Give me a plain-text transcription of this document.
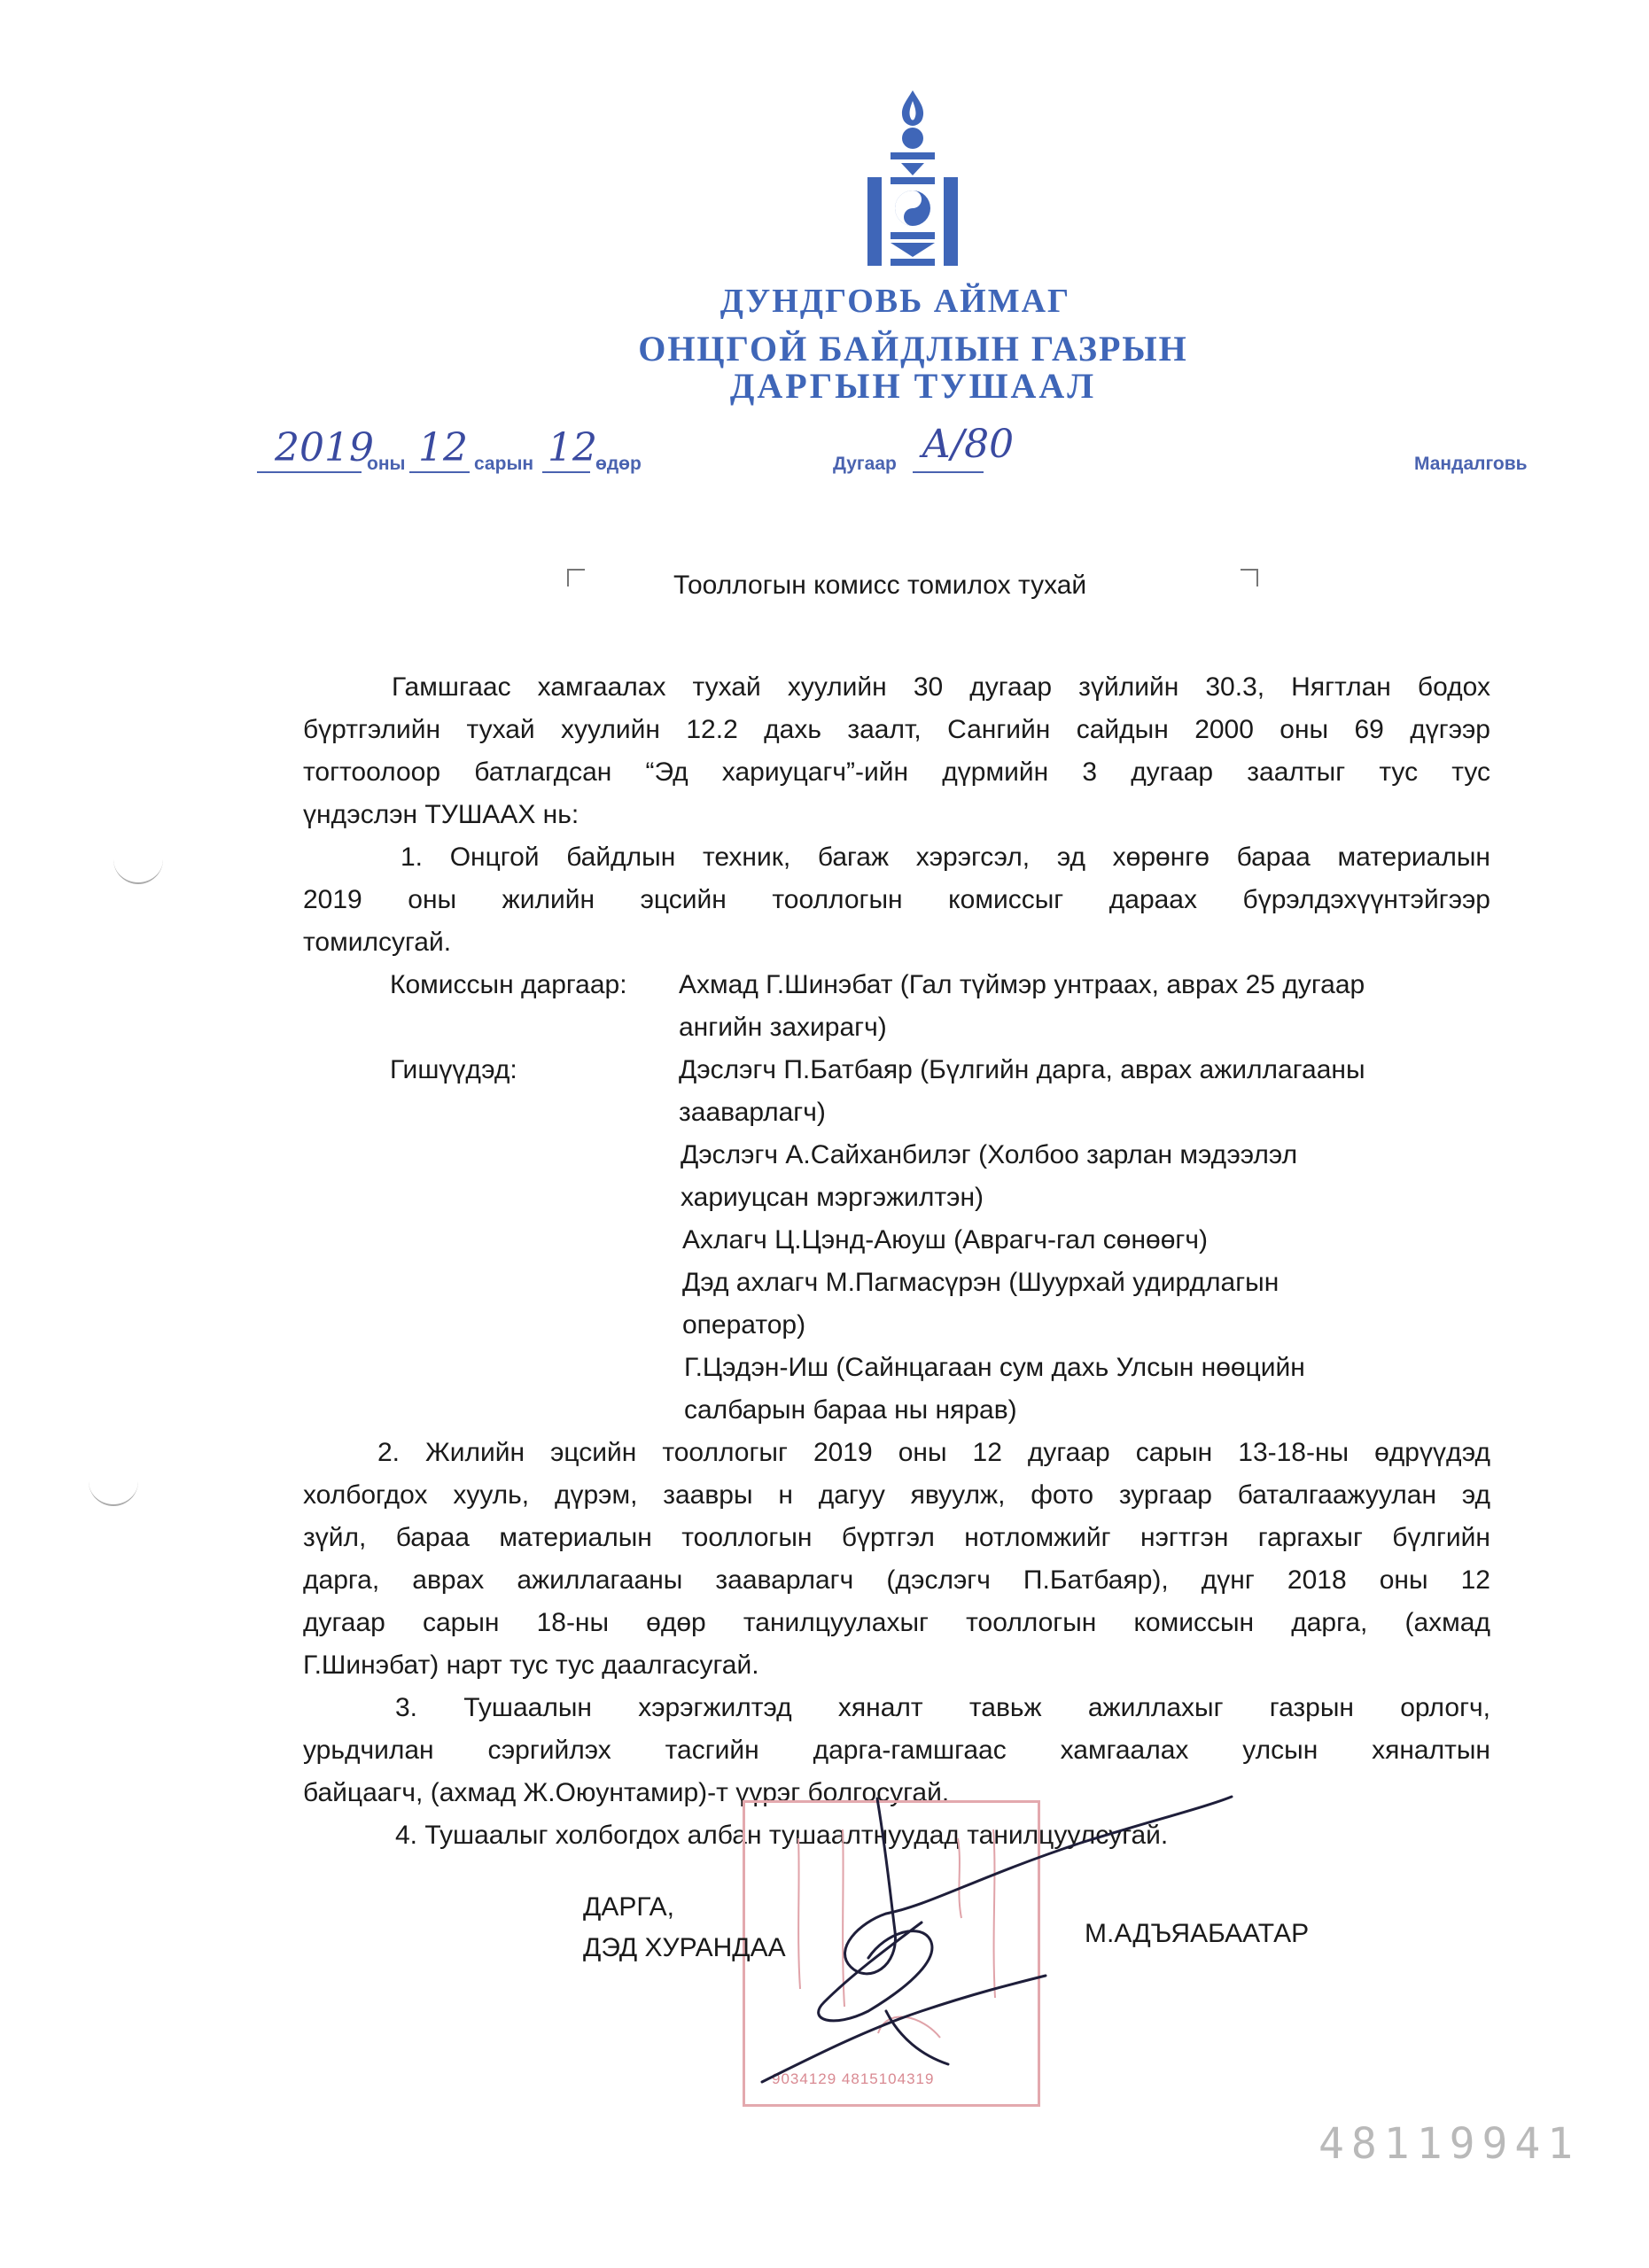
ДУНДГОВЬ АЙМАГ
ОНЦГОЙ БАЙДЛЫН ГАЗРЫН
ДАРГЫН ТУШААЛ
2019
оны 12 сарын 12
өдөр	Дугаар А/80	Мандалговь
Тооллогын комисс томилох тухай
Гамшгаас хамгаалах тухай хуулийн 30 дугаар зүйлийн 30.3, Нягтлан бодох
бүртгэлийн тухай хуулийн 12.2 дахь заалт, Сангийн сайдын 2000 оны 69 дүгээр
тогтоолоор батлагдсан “Эд хариуцагч”-ийн дүрмийн 3 дугаар заалтыг тус тус
үндэслэн ТУШААХ нь:
1. Онцгой байдлын техник, багаж хэрэгсэл, эд хөрөнгө бараа материалын
2019 оны жилийн эцсийн тооллогын комиссыг дараах бүрэлдэхүүнтэйгээр
томилсугай.
Комиссын даргаар: Ахмад Г.Шинэбат (Гал түймэр унтраах, аврах 25 дугаар
ангийн захирагч)
Гишүүдэд:	Дэслэгч П.Батбаяр (Бүлгийн дарга, аврах ажиллагааны
зааварлагч)
Дэслэгч А.Сайханбилэг (Холбоо зарлан мэдээлэл
хариуцсан мэргэжилтэн)
Ахлагч Ц.Цэнд-Аюуш (Аврагч-гал сөнөөгч)
Дэд ахлагч М.Пагмасүрэн (Шуурхай удирдлагын
оператор)
Г.Цэдэн-Иш (Сайнцагаан сум дахь Улсын нөөцийн
салбарын бараа ны нярав)
2. Жилийн эцсийн тооллогыг 2019 оны 12 дугаар сарын 13-18-ны өдрүүдэд
холбогдох хууль, дүрэм, заавры н дагуу явуулж, фото зургаар баталгаажуулан эд
зүйл, бараа материалын тооллогын бүртгэл нотломжийг нэгтгэн гаргахыг бүлгийн
дарга, аврах ажиллагааны зааварлагч (дэслэгч П.Батбаяр), дүнг 2018 оны 12
дугаар сарын 18-ны өдөр танилцуулахыг тооллогын комиссын дарга, (ахмад
Г.Шинэбат) нарт тус тус даалгасугай.
3. Тушаалын хэрэгжилтэд хяналт тавьж ажиллахыг газрын орлогч,
урьдчилан сэргийлэх тасгийн дарга-гамшгаас хамгаалах улсын хяналтын
байцаагч, (ахмад Ж.Оюунтамир)-т үүрэг болгосугай.
4. Тушаалыг холбогдох албан тушаалтнуудад танилцуулсугай.
9034129 4815104319
ДАРГА,
ДЭД ХУРАНДАА	М.АДЪЯАБААТАР
48119941
